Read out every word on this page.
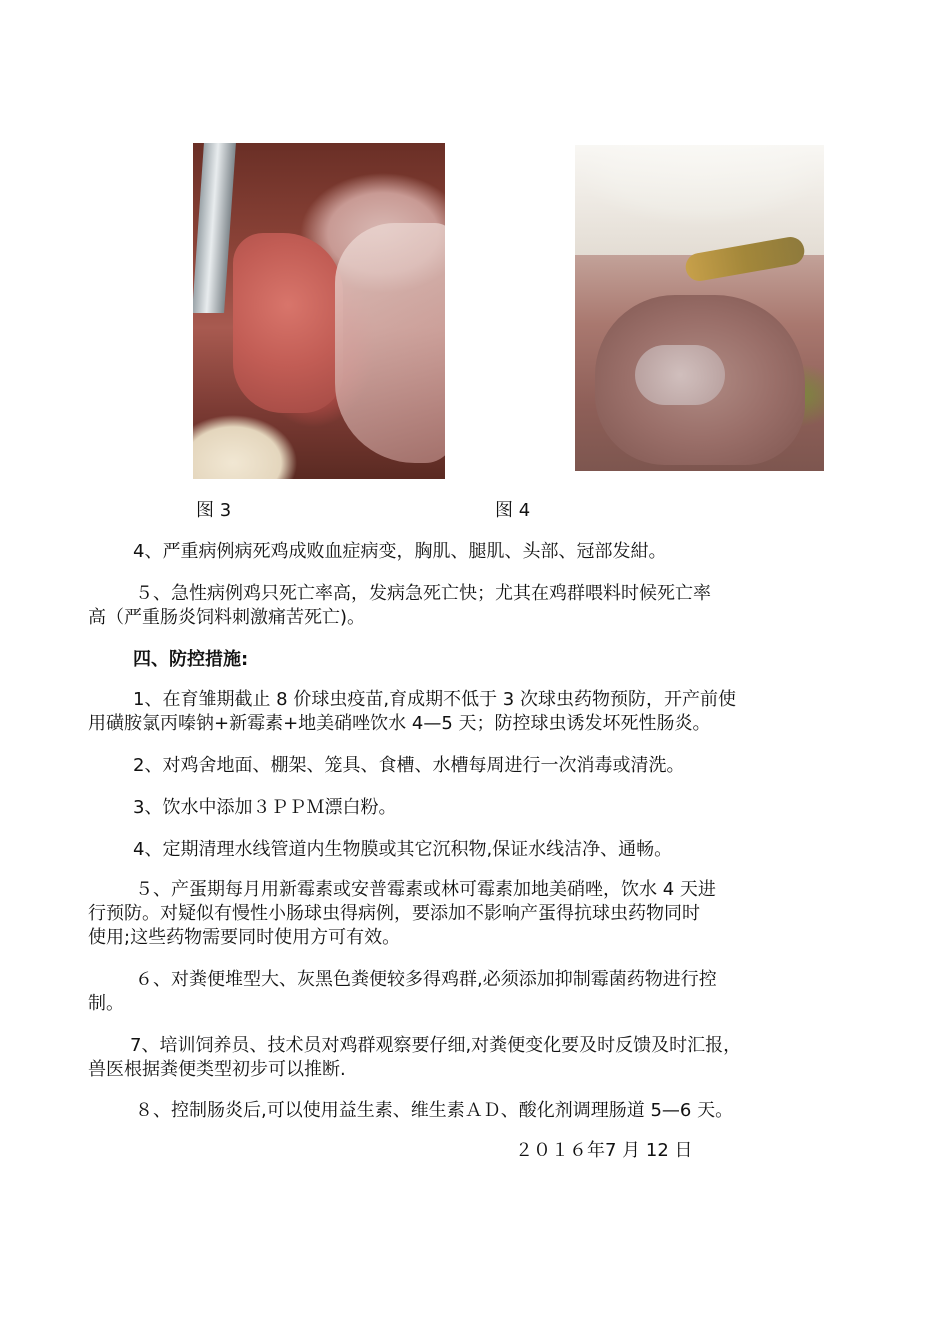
图 3	图 4
4、严重病例病死鸡成败血症病变，胸肌、腿肌、头部、冠部发紺。
５、急性病例鸡只死亡率高，发病急死亡快；尤其在鸡群喂料时候死亡率
高（严重肠炎饲料刺激痛苦死亡)。
四、防控措施:
1、在育雏期截止 8 价球虫疫苗,育成期不低于 3 次球虫药物预防，开产前使
用磺胺氯丙嗪钠+新霉素+地美硝唑饮水 4—5 天；防控球虫诱发坏死性肠炎。
2、对鸡舍地面、棚架、笼具、食槽、水槽每周进行一次消毒或清洗。
3、饮水中添加３ＰＰＭ漂白粉。
4、定期清理水线管道内生物膜或其它沉积物,保证水线洁净、通畅。
５、产蛋期每月用新霉素或安普霉素或林可霉素加地美硝唑，饮水 4 天进
行预防。对疑似有慢性小肠球虫得病例，要添加不影响产蛋得抗球虫药物同时
使用;这些药物需要同时使用方可有效。
６、对粪便堆型大、灰黑色粪便较多得鸡群,必须添加抑制霉菌药物进行控
制。
7、培训饲养员、技术员对鸡群观察要仔细,对粪便变化要及时反馈及时汇报，
兽医根据粪便类型初步可以推断.
８、控制肠炎后,可以使用益生素、维生素ＡＤ、酸化剂调理肠道 5—6 天。
２０１６年7 月 12 日
